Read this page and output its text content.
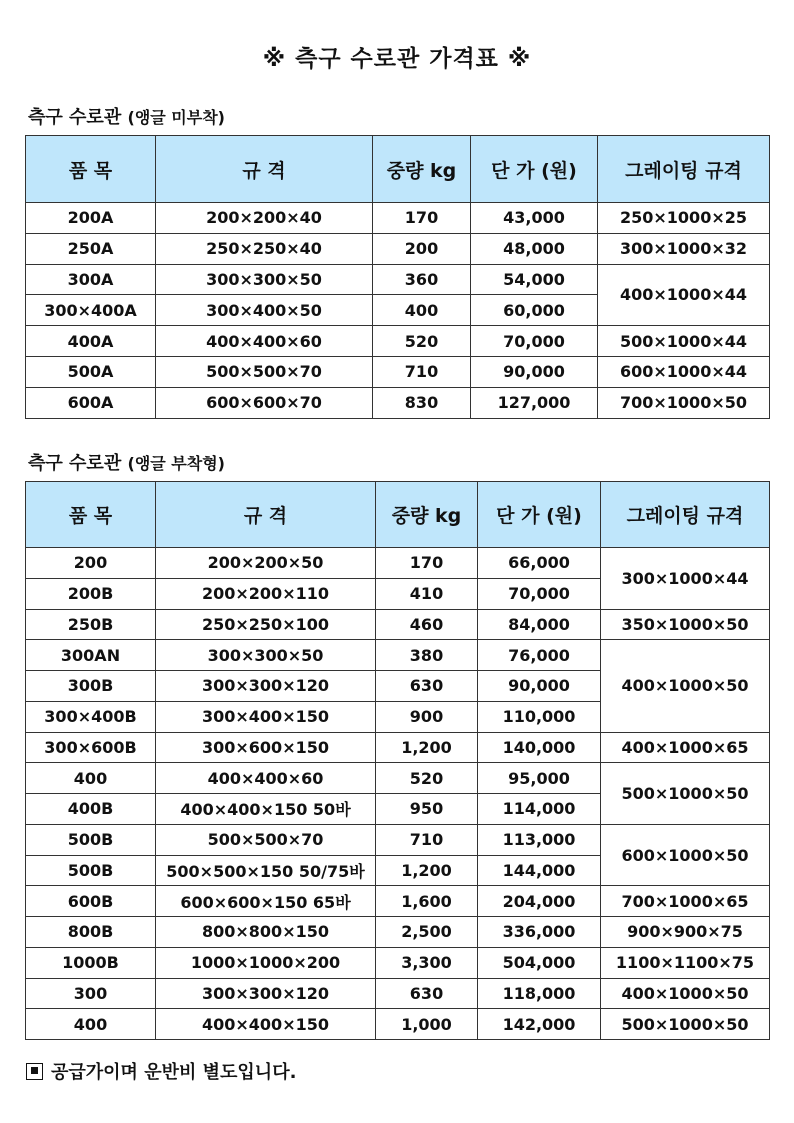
※ 측구 수로관 가격표 ※
측구 수로관 (앵글 미부착)
품 목	규 격	중량 kg	단 가 (원)	그레이팅 규격
200A	200×200×40	170	43,000	250×1000×25
250A	250×250×40	200	48,000	300×1000×32
300A	300×300×50	360	54,000	400×1000×44
300×400A	300×400×50	400	60,000	
400A	400×400×60	520	70,000	500×1000×44
500A	500×500×70	710	90,000	600×1000×44
600A	600×600×70	830	127,000	700×1000×50
측구 수로관 (앵글 부착형)
품 목	규 격	중량 kg	단 가 (원)	그레이팅 규격
200	200×200×50	170	66,000	300×1000×44
200B	200×200×110	410	70,000	
250B	250×250×100	460	84,000	350×1000×50
300AN	300×300×50	380	76,000	400×1000×50
300B	300×300×120	630	90,000	
300×400B	300×400×150	900	110,000	
300×600B	300×600×150	1,200	140,000	400×1000×65
400	400×400×60	520	95,000	500×1000×50
400B	400×400×150 50바	950	114,000	
500B	500×500×70	710	113,000	600×1000×50
500B	500×500×150 50/75바	1,200	144,000	
600B	600×600×150 65바	1,600	204,000	700×1000×65
800B	800×800×150	2,500	336,000	900×900×75
1000B	1000×1000×200	3,300	504,000	1100×1100×75
300	300×300×120	630	118,000	400×1000×50
400	400×400×150	1,000	142,000	500×1000×50
공급가이며 운반비 별도입니다.
